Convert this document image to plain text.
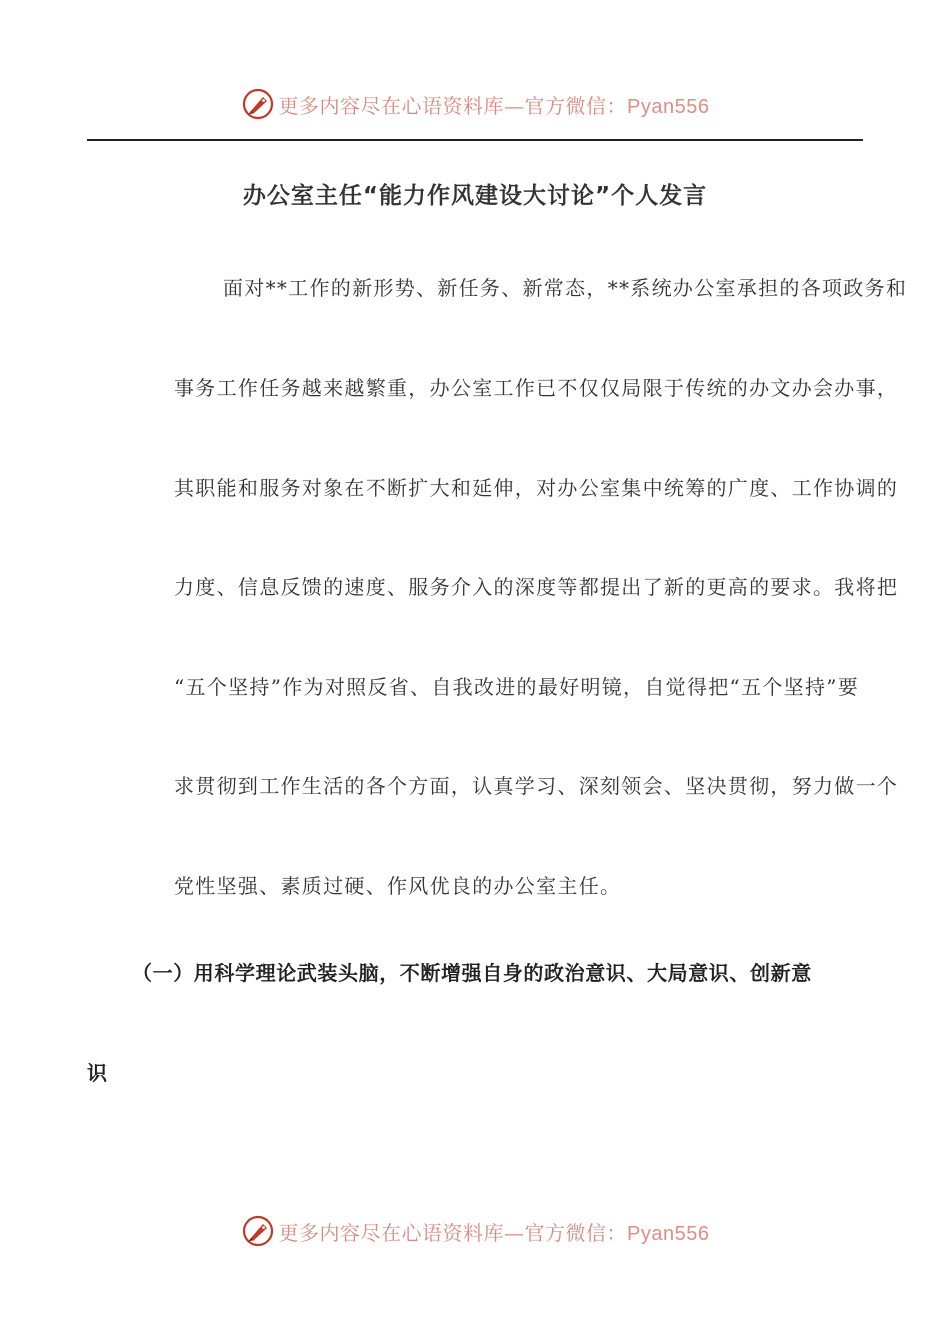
更多内容尽在心语资料库—官方微信：Pyan556
办公室主任“能力作风建设大讨论”个人发言
面对**工作的新形势、新任务、新常态，**系统办公室承担的各项政务和
事务工作任务越来越繁重，办公室工作已不仅仅局限于传统的办文办会办事，
其职能和服务对象在不断扩大和延伸，对办公室集中统筹的广度、工作协调的
力度、信息反馈的速度、服务介入的深度等都提出了新的更高的要求。我将把
“五个坚持”作为对照反省、自我改进的最好明镜，自觉得把“五个坚持”要
求贯彻到工作生活的各个方面，认真学习、深刻领会、坚决贯彻，努力做一个
党性坚强、素质过硬、作风优良的办公室主任。
（一）用科学理论武装头脑，不断增强自身的政治意识、大局意识、创新意
识
更多内容尽在心语资料库—官方微信：Pyan556
